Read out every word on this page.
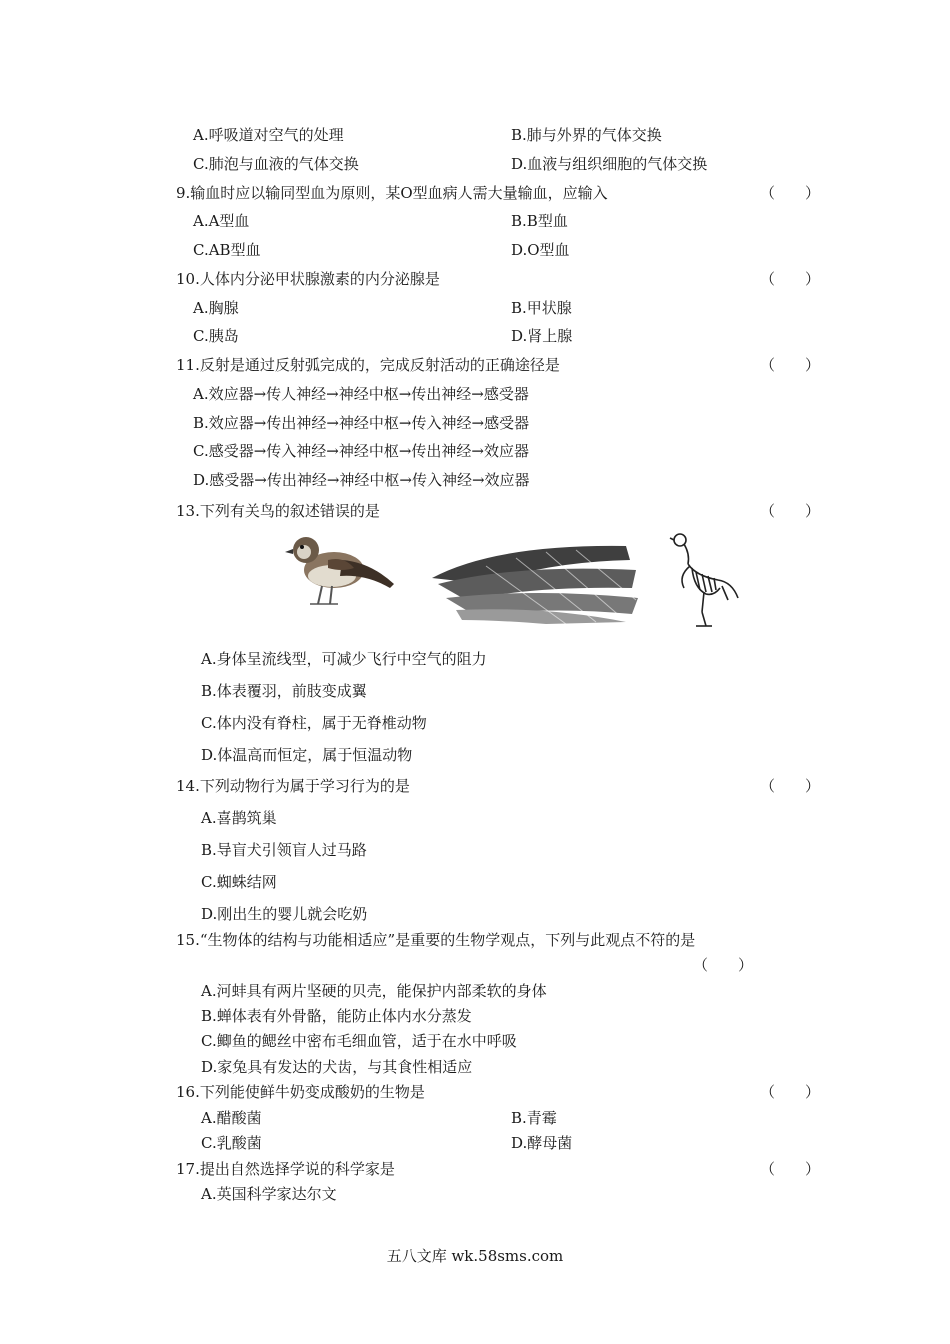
A.呼吸道对空气的处理	B.肺与外界的气体交换
C.肺泡与血液的气体交换	D.血液与组织细胞的气体交换
9.输血时应以输同型血为原则，某O型血病人需大量输血，应输入	（　　）
A.A型血	B.B型血
C.AB型血	D.O型血
10.人体内分泌甲状腺激素的内分泌腺是	（　　）
A.胸腺	B.甲状腺
C.胰岛	D.肾上腺
11.反射是通过反射弧完成的，完成反射活动的正确途径是	（　　）
A.效应器→传人神经→神经中枢→传出神经→感受器
B.效应器→传出神经→神经中枢→传入神经→感受器
C.感受器→传入神经→神经中枢→传出神经→效应器
D.感受器→传出神经→神经中枢→传入神经→效应器
13.下列有关鸟的叙述错误的是	（　　）
A.身体呈流线型，可减少飞行中空气的阻力
B.体表覆羽，前肢变成翼
C.体内没有脊柱，属于无脊椎动物
D.体温高而恒定，属于恒温动物
14.下列动物行为属于学习行为的是	（　　）
A.喜鹊筑巢
B.导盲犬引领盲人过马路
C.蜘蛛结网
D.刚出生的婴儿就会吃奶
15.“生物体的结构与功能相适应”是重要的生物学观点，下列与此观点不符的是
（　　）
A.河蚌具有两片坚硬的贝壳，能保护内部柔软的身体
B.蝉体表有外骨骼，能防止体内水分蒸发
C.鲫鱼的鳃丝中密布毛细血管，适于在水中呼吸
D.家兔具有发达的犬齿，与其食性相适应
16.下列能使鲜牛奶变成酸奶的生物是	（　　）
A.醋酸菌	B.青霉
C.乳酸菌	D.酵母菌
17.提出自然选择学说的科学家是	（　　）
A.英国科学家达尔文
五八文库 wk.58sms.com
